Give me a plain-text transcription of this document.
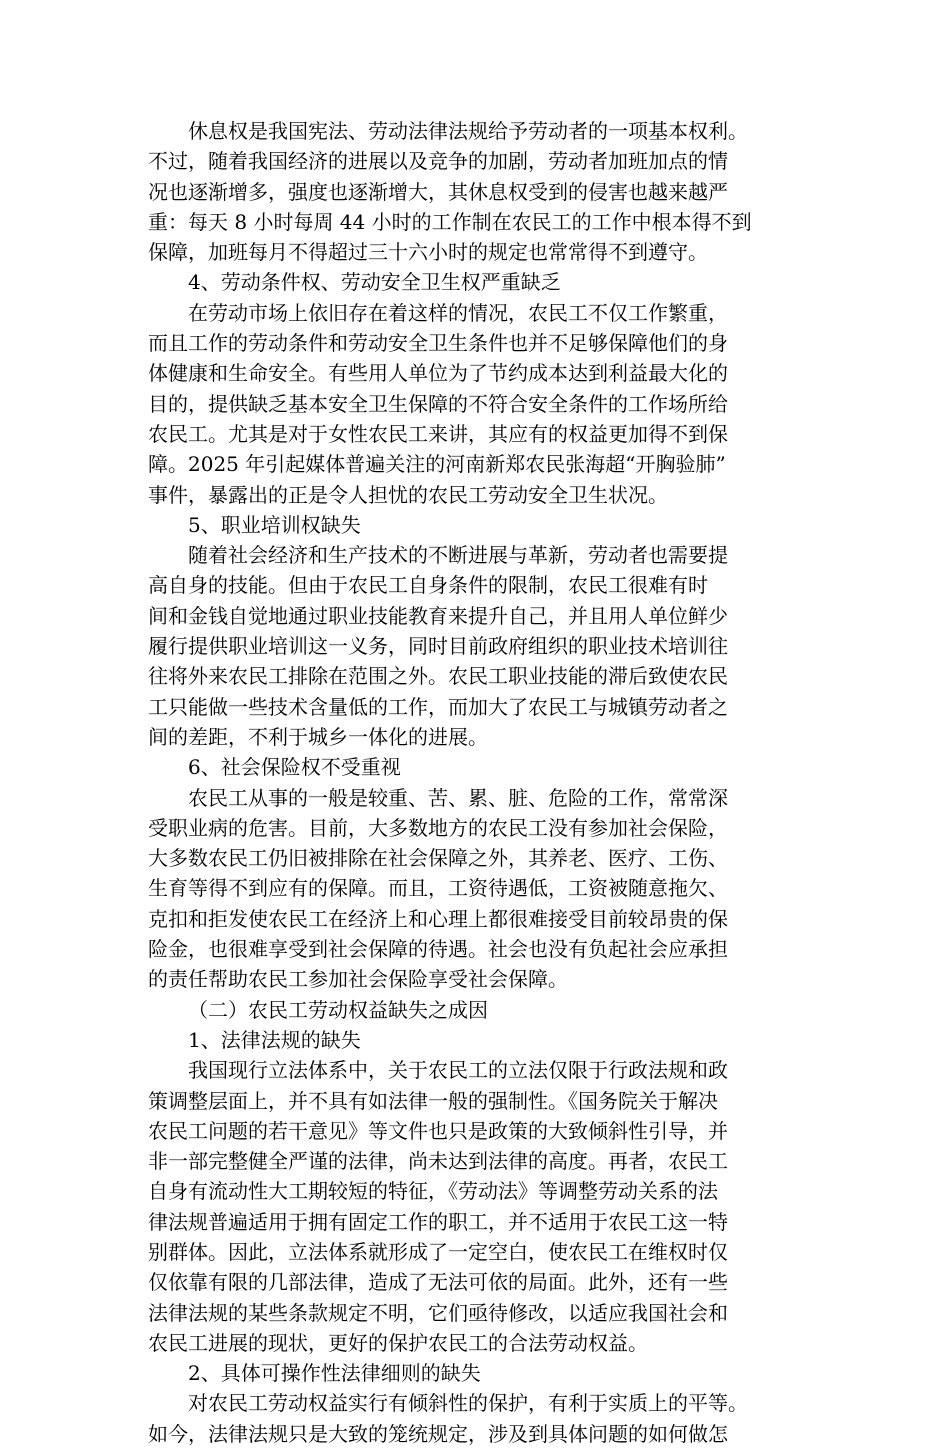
休息权是我国宪法、劳动法律法规给予劳动者的一项基本权利。
不过，随着我国经济的进展以及竞争的加剧，劳动者加班加点的情
况也逐渐增多，强度也逐渐增大，其休息权受到的侵害也越来越严
重：每天 8 小时每周 44 小时的工作制在农民工的工作中根本得不到
保障，加班每月不得超过三十六小时的规定也常常得不到遵守。
4、劳动条件权、劳动安全卫生权严重缺乏
在劳动市场上依旧存在着这样的情况，农民工不仅工作繁重，
而且工作的劳动条件和劳动安全卫生条件也并不足够保障他们的身
体健康和生命安全。有些用人单位为了节约成本达到利益最大化的
目的，提供缺乏基本安全卫生保障的不符合安全条件的工作场所给
农民工。尤其是对于女性农民工来讲，其应有的权益更加得不到保
障。2025 年引起媒体普遍关注的河南新郑农民张海超“开胸验肺”
事件，暴露出的正是令人担忧的农民工劳动安全卫生状况。
5、职业培训权缺失
随着社会经济和生产技术的不断进展与革新，劳动者也需要提
高自身的技能。但由于农民工自身条件的限制，农民工很难有时
间和金钱自觉地通过职业技能教育来提升自己，并且用人单位鲜少
履行提供职业培训这一义务，同时目前政府组织的职业技术培训往
往将外来农民工排除在范围之外。农民工职业技能的滞后致使农民
工只能做一些技术含量低的工作，而加大了农民工与城镇劳动者之
间的差距，不利于城乡一体化的进展。
6、社会保险权不受重视
农民工从事的一般是较重、苦、累、脏、危险的工作，常常深
受职业病的危害。目前，大多数地方的农民工没有参加社会保险，
大多数农民工仍旧被排除在社会保障之外，其养老、医疗、工伤、
生育等得不到应有的保障。而且，工资待遇低，工资被随意拖欠、
克扣和拒发使农民工在经济上和心理上都很难接受目前较昂贵的保
险金，也很难享受到社会保障的待遇。社会也没有负起社会应承担
的责任帮助农民工参加社会保险享受社会保障。
（二）农民工劳动权益缺失之成因
1、法律法规的缺失
我国现行立法体系中，关于农民工的立法仅限于行政法规和政
策调整层面上，并不具有如法律一般的强制性。《国务院关于解决
农民工问题的若干意见》等文件也只是政策的大致倾斜性引导，并
非一部完整健全严谨的法律，尚未达到法律的高度。再者，农民工
自身有流动性大工期较短的特征，《劳动法》等调整劳动关系的法
律法规普遍适用于拥有固定工作的职工，并不适用于农民工这一特
别群体。因此，立法体系就形成了一定空白，使农民工在维权时仅
仅依靠有限的几部法律，造成了无法可依的局面。此外，还有一些
法律法规的某些条款规定不明，它们亟待修改，以适应我国社会和
农民工进展的现状，更好的保护农民工的合法劳动权益。
2、具体可操作性法律细则的缺失
对农民工劳动权益实行有倾斜性的保护，有利于实质上的平等。
如今，法律法规只是大致的笼统规定，涉及到具体问题的如何做怎
